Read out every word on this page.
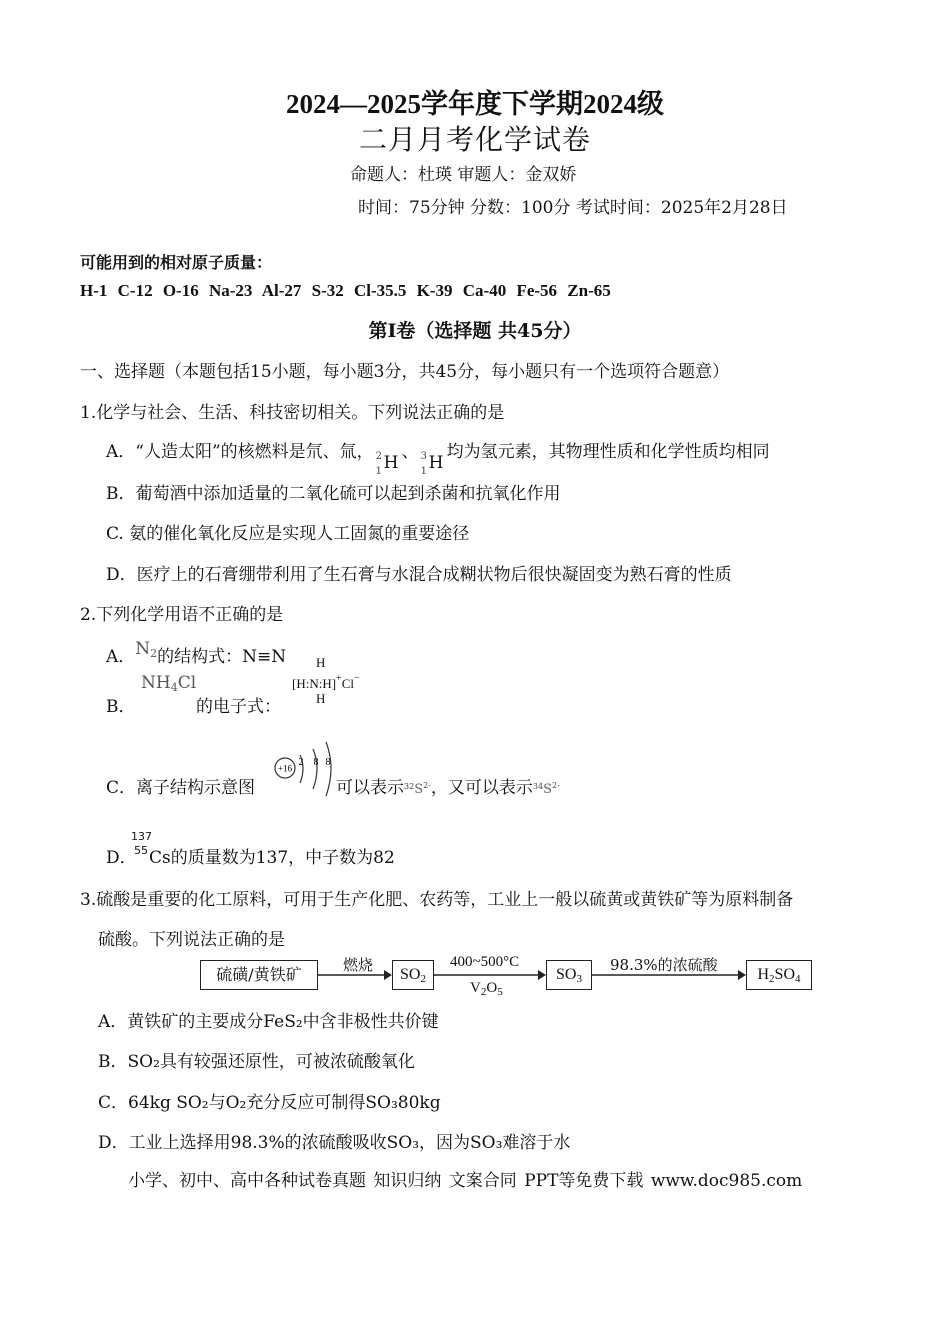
2024—2025学年度下学期2024级
二月月考化学试卷
命题人：杜瑛 审题人：金双娇
时间：75分钟 分数：100分 考试时间：2025年2月28日
可能用到的相对原子质量：
H-1 C-12 O-16 Na-23 Al-27 S-32 Cl-35.5 K-39 Ca-40 Fe-56 Zn-65
第Ⅰ卷（选择题 共45分）
一、选择题（本题包括15小题，每小题3分，共45分，每小题只有一个选项符合题意）
1.化学与社会、生活、科技密切相关。下列说法正确的是
A．“人造太阳”的核燃料是氘、氚， 2
1 H
、 3
1 H
均为氢元素，其物理性质和化学性质均相同
B．葡萄酒中添加适量的二氧化硫可以起到杀菌和抗氧化作用
C. 氨的催化氧化反应是实现人工固氮的重要途径
D．医疗上的石膏绷带利用了生石膏与水混合成糊状物后很快凝固变为熟石膏的性质
2.下列化学用语不正确的是
A．$N_2$的结构式：N≡N
B．
$NH_4Cl$
的电子式：
H
[H:N:H]+Cl−
H
C．离子结构示意图
+16
2 8 8
可以表示$^{32}S^{2-}$，又可以表示$^{34}S^{2-}$
D．
137
55 Cs的质量数为137，中子数为82
3.硫酸是重要的化工原料，可用于生产化肥、农药等，工业上一般以硫黄或黄铁矿等为原料制备
硫酸。下列说法正确的是
硫磺/黄铁矿	燃烧
$SO_2$
400~500°C
$V_2O_5$
$SO_3$
98.3%的浓硫酸
$H_2SO_4$
A．黄铁矿的主要成分FeS₂中含非极性共价键
B．SO₂具有较强还原性，可被浓硫酸氧化
C．64kg SO₂与O₂充分反应可制得SO₃80kg
D．工业上选择用98.3%的浓硫酸吸收SO₃，因为SO₃难溶于水
小学、初中、高中各种试卷真题 知识归纳 文案合同 PPT等免费下载 www.doc985.com
